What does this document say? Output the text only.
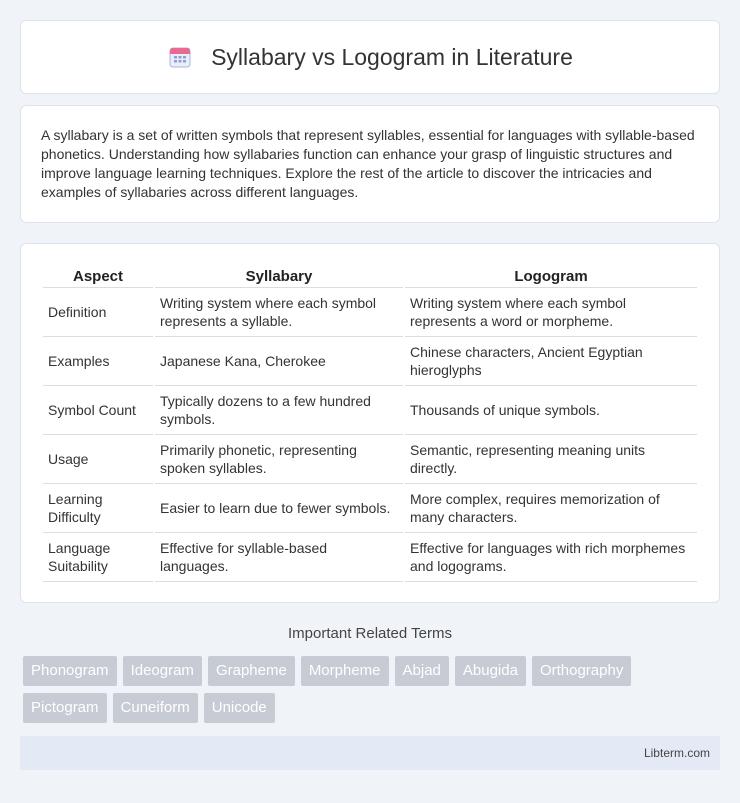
Syllabary vs Logogram in Literature

A syllabary is a set of written symbols that represent syllables, essential for languages with syllable-based phonetics. Understanding how syllabaries function can enhance your grasp of linguistic structures and improve language learning techniques. Explore the rest of the article to discover the intricacies and examples of syllabaries across different languages.

Aspect	Syllabary	Logogram
Definition	Writing system where each symbol represents a syllable.	Writing system where each symbol represents a word or morpheme.
Examples	Japanese Kana, Cherokee	Chinese characters, Ancient Egyptian hieroglyphs
Symbol Count	Typically dozens to a few hundred symbols.	Thousands of unique symbols.
Usage	Primarily phonetic, representing spoken syllables.	Semantic, representing meaning units directly.
Learning Difficulty	Easier to learn due to fewer symbols.	More complex, requires memorization of many characters.
Language Suitability	Effective for syllable-based languages.	Effective for languages with rich morphemes and logograms.
Important Related Terms
Phonogram	Ideogram	Grapheme	Morpheme	Abjad	Abugida	Orthography
Pictogram	Cuneiform	Unicode
Libterm.com
